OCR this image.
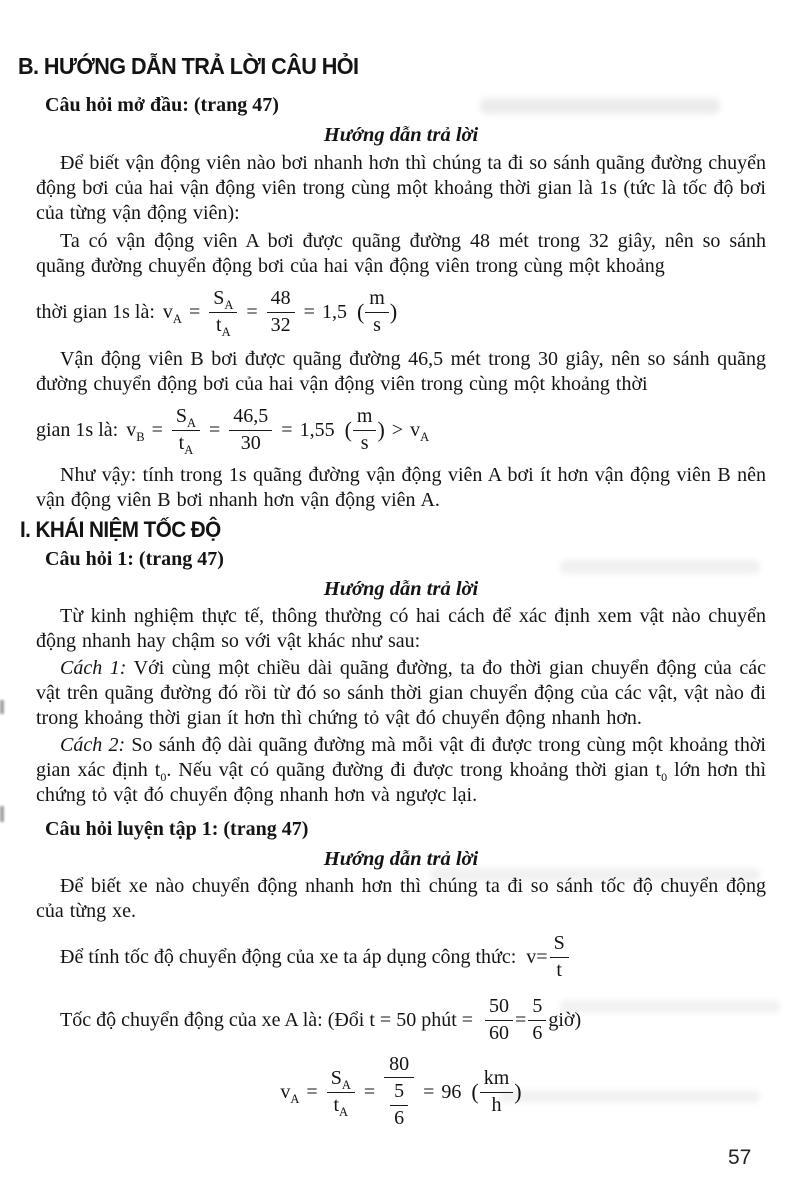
B. HƯỚNG DẪN TRẢ LỜI CÂU HỎI
Câu hỏi mở đầu: (trang 47)
Hướng dẫn trả lời

Để biết vận động viên nào bơi nhanh hơn thì chúng ta đi so sánh quãng đường chuyển động bơi của hai vận động viên trong cùng một khoảng thời gian là 1s (tức là tốc độ bơi của từng vận động viên):

Ta có vận động viên A bơi được quãng đường 48 mét trong 32 giây, nên so sánh quãng đường chuyển động bơi của hai vận động viên trong cùng một khoảng

thời gian 1s là: $v_A = \frac{S_A}{t_A} = \frac{48}{32} = 1,5$ ( $\frac{m}{s}$ )

Vận động viên B bơi được quãng đường 46,5 mét trong 30 giây, nên so sánh quãng đường chuyển động bơi của hai vận động viên trong cùng một khoảng thời

gian 1s là: $v_B = \frac{S_A}{t_A} = \frac{46,5}{30} = 1,55$ ( $\frac{m}{s}$ ) > $v_A$

Như vậy: tính trong 1s quãng đường vận động viên A bơi ít hơn vận động viên B nên vận động viên B bơi nhanh hơn vận động viên A.

I. KHÁI NIỆM TỐC ĐỘ
Câu hỏi 1: (trang 47)
Hướng dẫn trả lời

Từ kinh nghiệm thực tế, thông thường có hai cách để xác định xem vật nào chuyển động nhanh hay chậm so với vật khác như sau:

Cách 1: Với cùng một chiều dài quãng đường, ta đo thời gian chuyển động của các vật trên quãng đường đó rồi từ đó so sánh thời gian chuyển động của các vật, vật nào đi trong khoảng thời gian ít hơn thì chứng tỏ vật đó chuyển động nhanh hơn.

Cách 2: So sánh độ dài quãng đường mà mỗi vật đi được trong cùng một khoảng thời gian xác định $t_0$. Nếu vật có quãng đường đi được trong khoảng thời gian $t_0$ lớn hơn thì chứng tỏ vật đó chuyển động nhanh hơn và ngược lại.

Câu hỏi luyện tập 1: (trang 47)
Hướng dẫn trả lời

Để biết xe nào chuyển động nhanh hơn thì chúng ta đi so sánh tốc độ chuyển động của từng xe.

Để tính tốc độ chuyển động của xe ta áp dụng công thức: $v = \frac{S}{t}$
Tốc độ chuyển động của xe A là: (Đổi t = 50 phút = $\frac{50}{60} = \frac{5}{6}$ giờ)
$v_A = \frac{S_A}{t_A} = \frac{80}{\frac{5}{6}} = 96$ ( $\frac{km}{h}$ )
57
